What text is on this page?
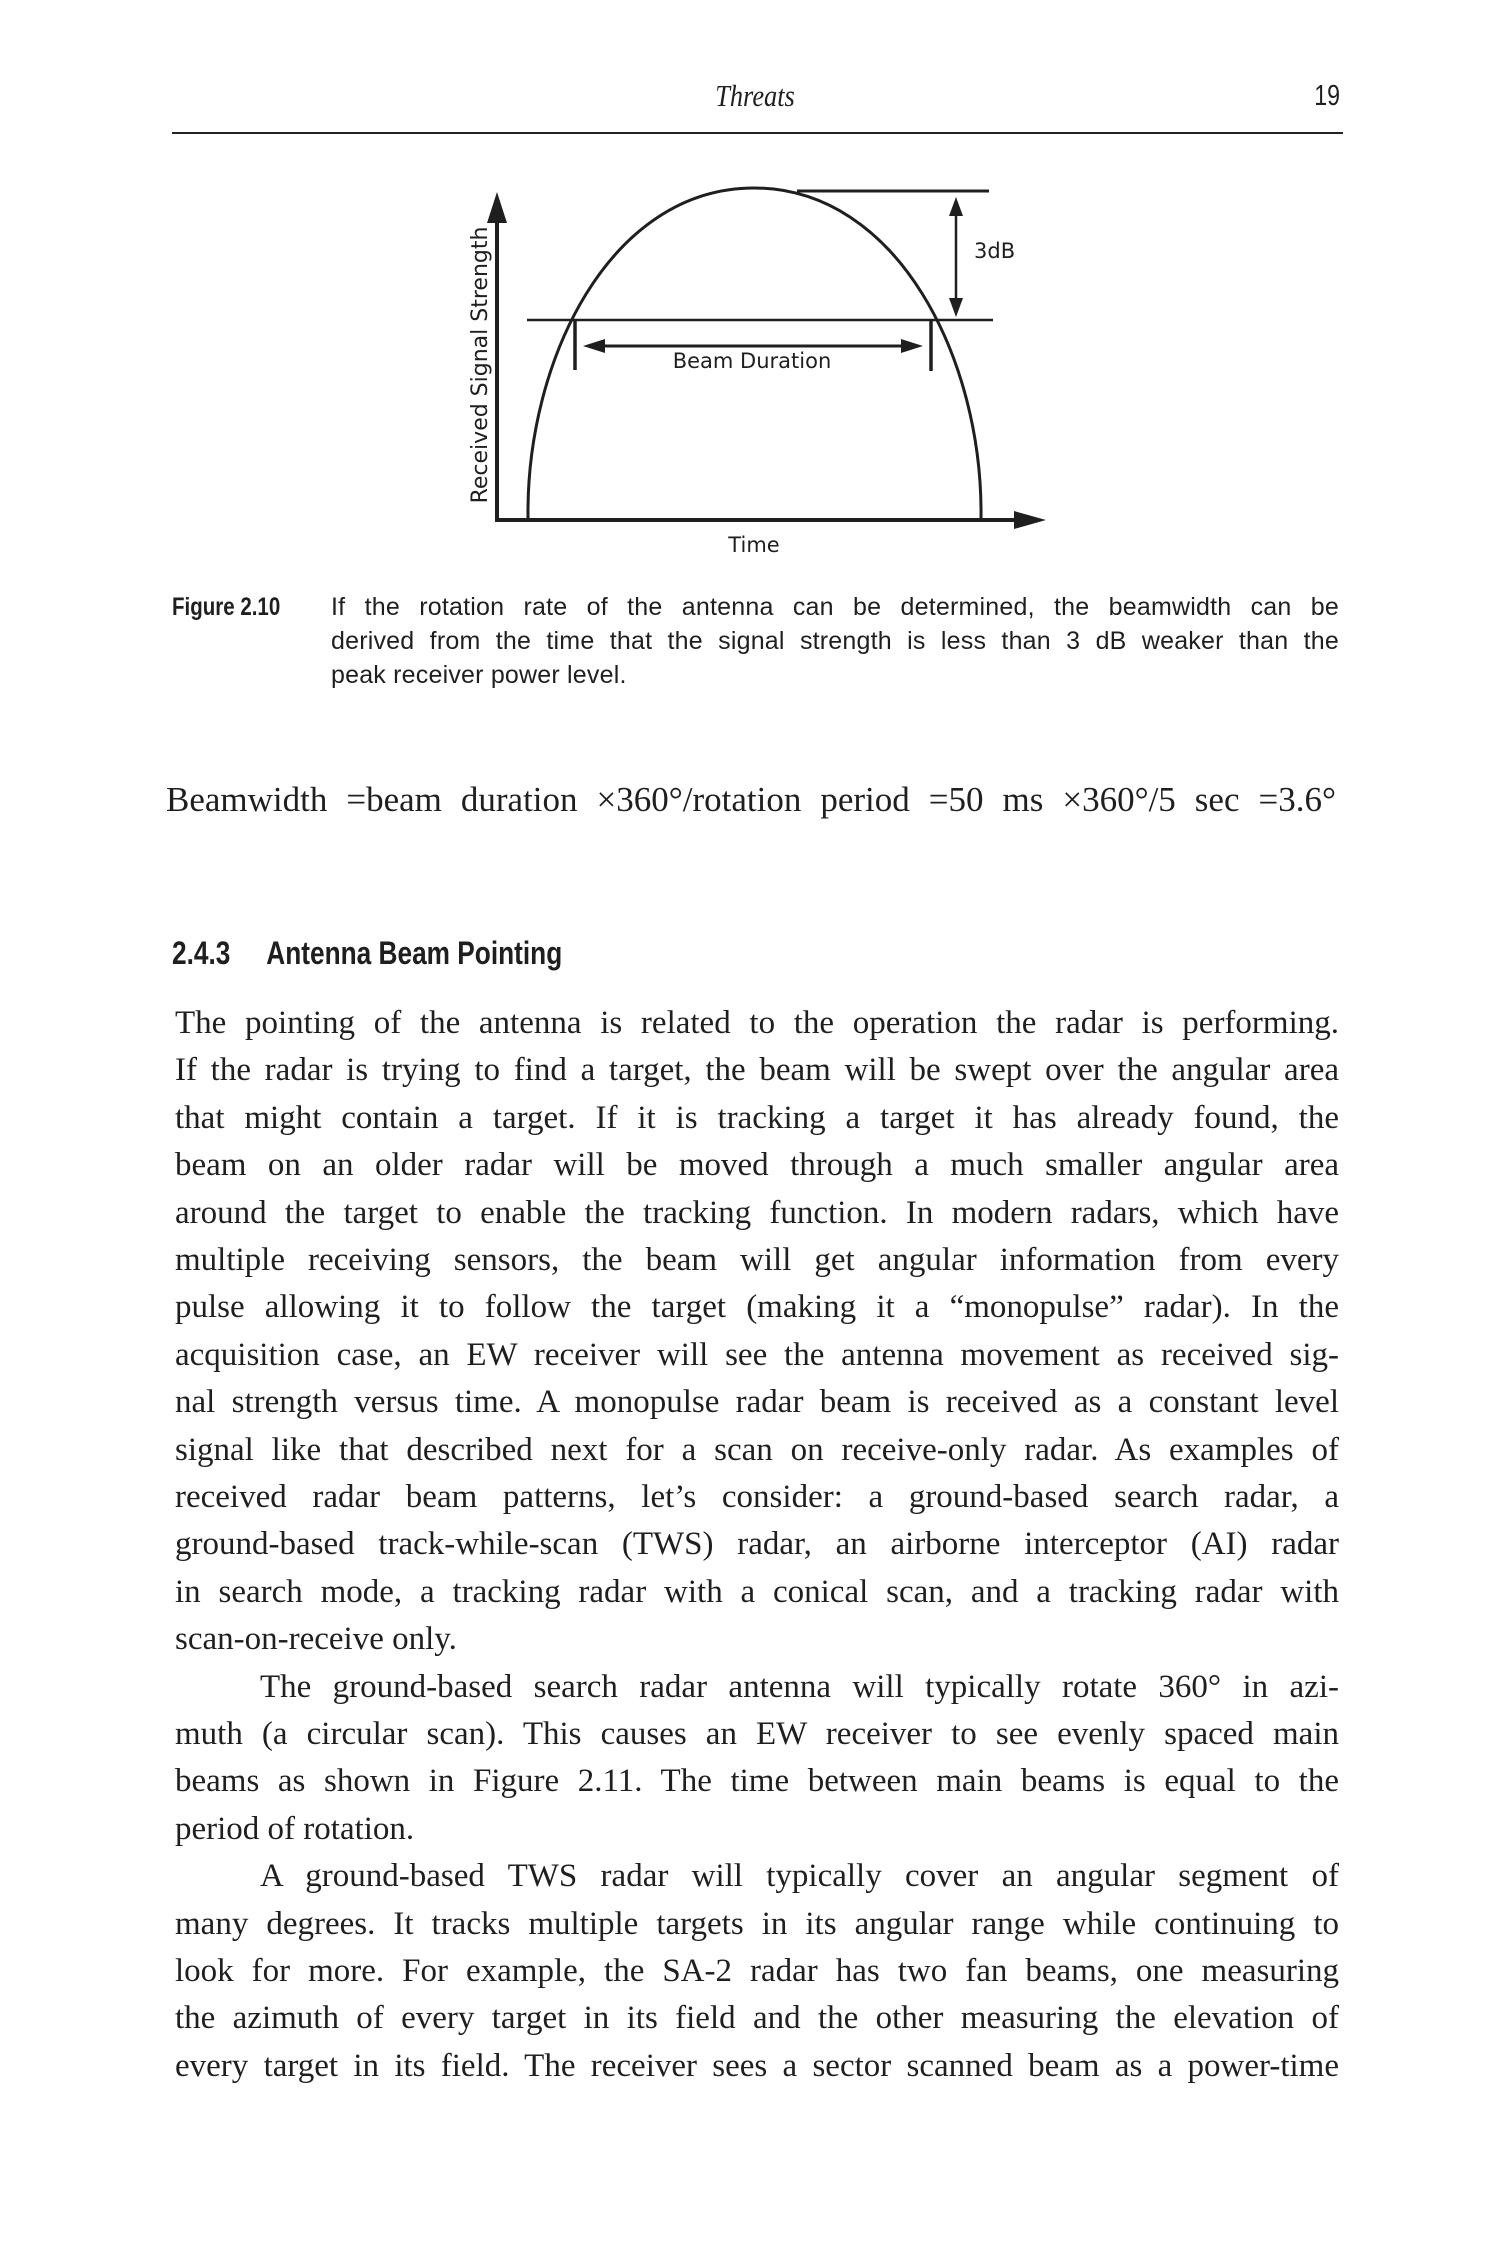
Threats	19
3dB
Beam Duration
Time
Received Signal Strength
Figure 2.10 If the rotation rate of the antenna can be determined, the beamwidth can be
derived from the time that the signal strength is less than 3 dB weaker than the
peak receiver power level.
Beamwidth =beam duration ×360°/rotation period =50 ms ×360°/5 sec =3.6°
2.4.3 Antenna Beam Pointing
The pointing of the antenna is related to the operation the radar is performing.
If the radar is trying to find a target, the beam will be swept over the angular area
that might contain a target. If it is tracking a target it has already found, the
beam on an older radar will be moved through a much smaller angular area
around the target to enable the tracking function. In modern radars, which have
multiple receiving sensors, the beam will get angular information from every
pulse allowing it to follow the target (making it a “monopulse” radar). In the
acquisition case, an EW receiver will see the antenna movement as received sig-
nal strength versus time. A monopulse radar beam is received as a constant level
signal like that described next for a scan on receive-only radar. As examples of
received radar beam patterns, let’s consider: a ground-based search radar, a
ground-based track-while-scan (TWS) radar, an airborne interceptor (AI) radar
in search mode, a tracking radar with a conical scan, and a tracking radar with
scan-on-receive only.
The ground-based search radar antenna will typically rotate 360° in azi-
muth (a circular scan). This causes an EW receiver to see evenly spaced main
beams as shown in Figure 2.11. The time between main beams is equal to the
period of rotation.
A ground-based TWS radar will typically cover an angular segment of
many degrees. It tracks multiple targets in its angular range while continuing to
look for more. For example, the SA-2 radar has two fan beams, one measuring
the azimuth of every target in its field and the other measuring the elevation of
every target in its field. The receiver sees a sector scanned beam as a power-time
